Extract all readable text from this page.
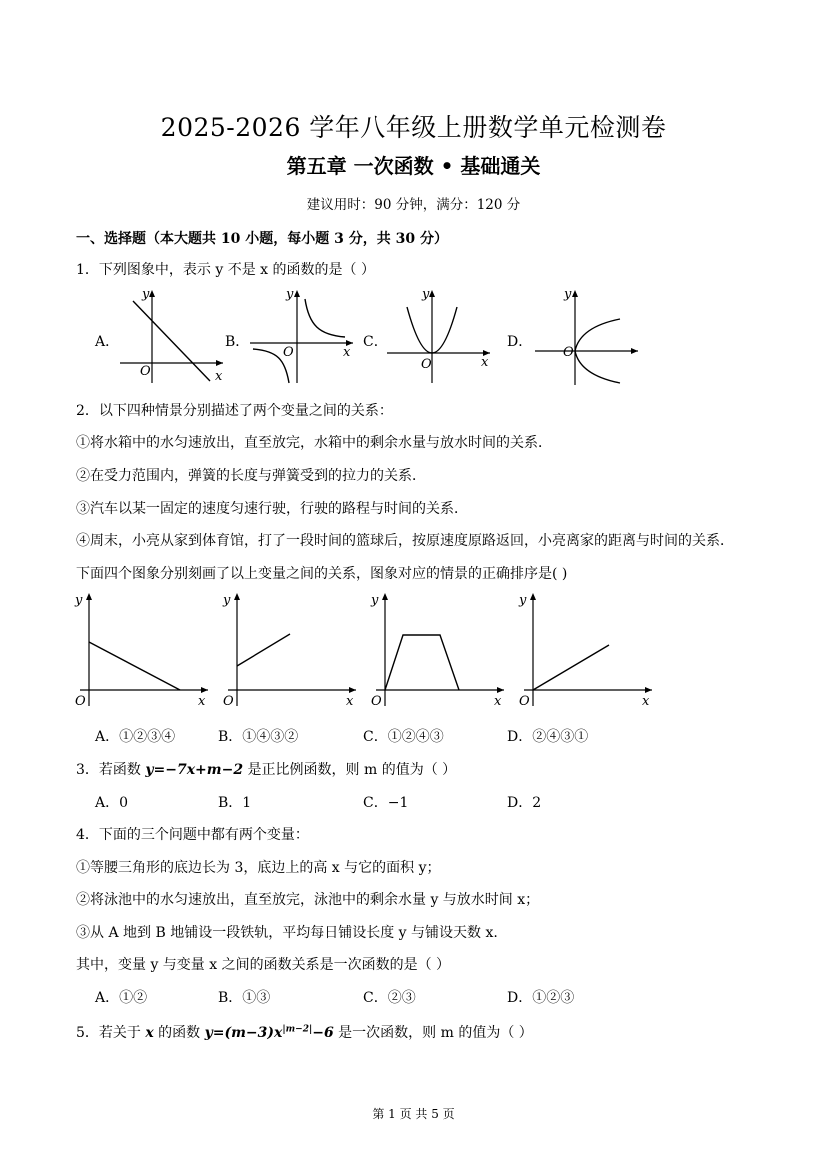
2025-2026 学年八年级上册数学单元检测卷
第五章 一次函数 • 基础通关
建议用时：90 分钟，满分：120 分
一、选择题（本大题共 10 小题，每小题 3 分，共 30 分）
1．下列图象中，表示 y 不是 x 的函数的是（ ）
A．	B．	C．	D．
y
x
O
y
x
O
y
x
O
y
O
2．以下四种情景分别描述了两个变量之间的关系：
①将水箱中的水匀速放出，直至放完，水箱中的剩余水量与放水时间的关系．
②在受力范围内，弹簧的长度与弹簧受到的拉力的关系．
③汽车以某一固定的速度匀速行驶，行驶的路程与时间的关系．
④周末，小亮从家到体育馆，打了一段时间的篮球后，按原速度原路返回，小亮离家的距离与时间的关系．
下面四个图象分别刻画了以上变量之间的关系，图象对应的情景的正确排序是( )
y
x
O
y
x
O
y
x
O
y
x
O
A．①②③④	B．①④③②	C．①②④③	D．②④③①
3．若函数 y=−7x+m−2 是正比例函数，则 m 的值为（ ）
A．0	B．1	C．−1	D．2
4．下面的三个问题中都有两个变量：
①等腰三角形的底边长为 3，底边上的高 x 与它的面积 y；
②将泳池中的水匀速放出，直至放完，泳池中的剩余水量 y 与放水时间 x；
③从 A 地到 B 地铺设一段铁轨，平均每日铺设长度 y 与铺设天数 x.
其中，变量 y 与变量 x 之间的函数关系是一次函数的是（ ）
A．①②	B．①③	C．②③	D．①②③
5．若关于 x 的函数 $y=(m-3)x^{|m-2|}-6$ 是一次函数，则 m 的值为（ ）
第 1 页 共 5 页
